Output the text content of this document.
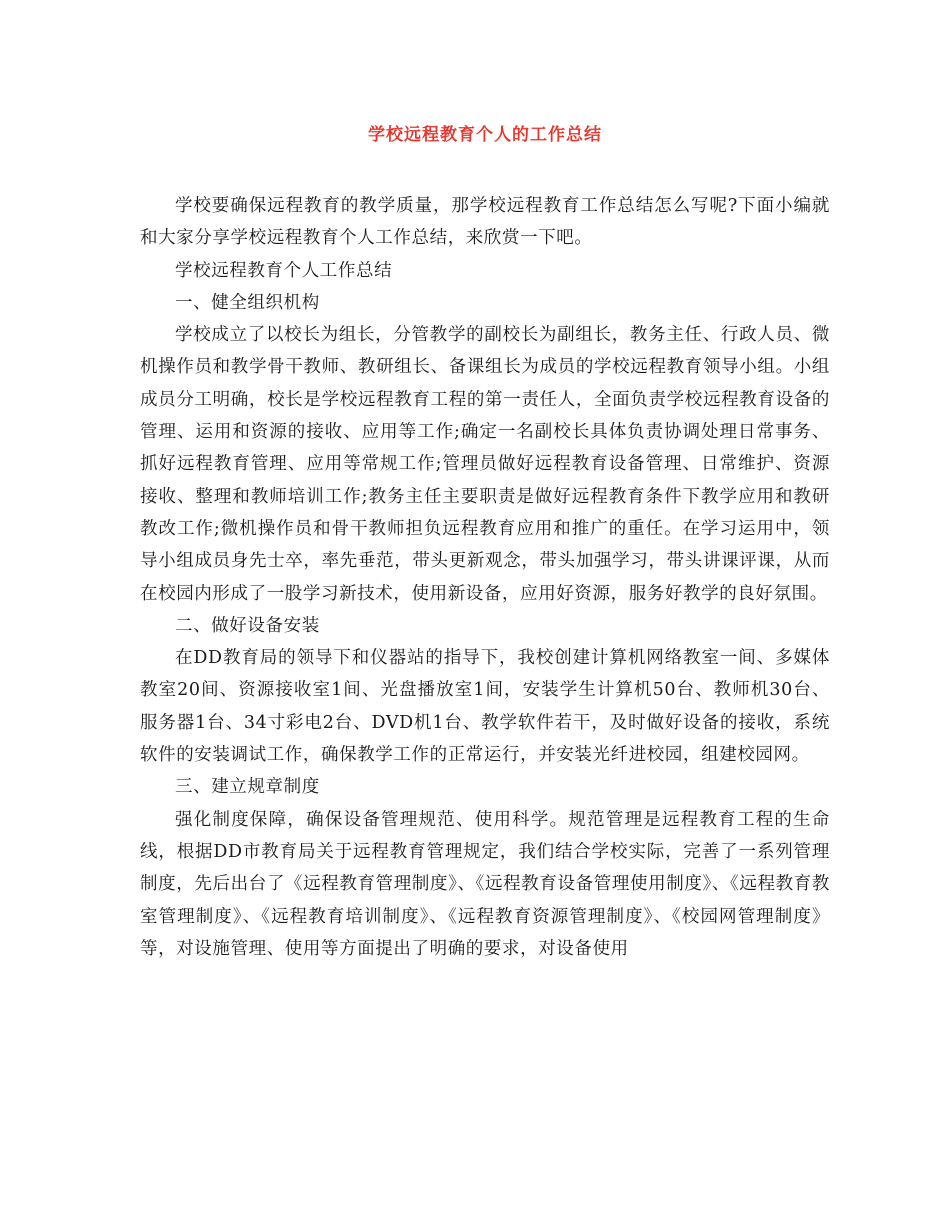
学校远程教育个人的工作总结

学校要确保远程教育的教学质量，那学校远程教育工作总结怎么写呢?下面小编就和大家分享学校远程教育个人工作总结，来欣赏一下吧。

学校远程教育个人工作总结

一、健全组织机构

学校成立了以校长为组长，分管教学的副校长为副组长，教务主任、行政人员、微机操作员和教学骨干教师、教研组长、备课组长为成员的学校远程教育领导小组。小组成员分工明确，校长是学校远程教育工程的第一责任人，全面负责学校远程教育设备的管理、运用和资源的接收、应用等工作;确定一名副校长具体负责协调处理日常事务、抓好远程教育管理、应用等常规工作;管理员做好远程教育设备管理、日常维护、资源接收、整理和教师培训工作;教务主任主要职责是做好远程教育条件下教学应用和教研教改工作;微机操作员和骨干教师担负远程教育应用和推广的重任。在学习运用中，领导小组成员身先士卒，率先垂范，带头更新观念，带头加强学习，带头讲课评课，从而在校园内形成了一股学习新技术，使用新设备，应用好资源，服务好教学的良好氛围。

二、做好设备安装

在DD教育局的领导下和仪器站的指导下，我校创建计算机网络教室一间、多媒体教室20间、资源接收室1间、光盘播放室1间，安装学生计算机50台、教师机30台、服务器1台、34寸彩电2台、DVD机1台、教学软件若干，及时做好设备的接收，系统软件的安装调试工作，确保教学工作的正常运行，并安装光纤进校园，组建校园网。

三、建立规章制度

强化制度保障，确保设备管理规范、使用科学。规范管理是远程教育工程的生命线，根据DD市教育局关于远程教育管理规定，我们结合学校实际，完善了一系列管理制度，先后出台了《远程教育管理制度》、《远程教育设备管理使用制度》、《远程教育教室管理制度》、《远程教育培训制度》、《远程教育资源管理制度》、《校园网管理制度》等，对设施管理、使用等方面提出了明确的要求，对设备使用
